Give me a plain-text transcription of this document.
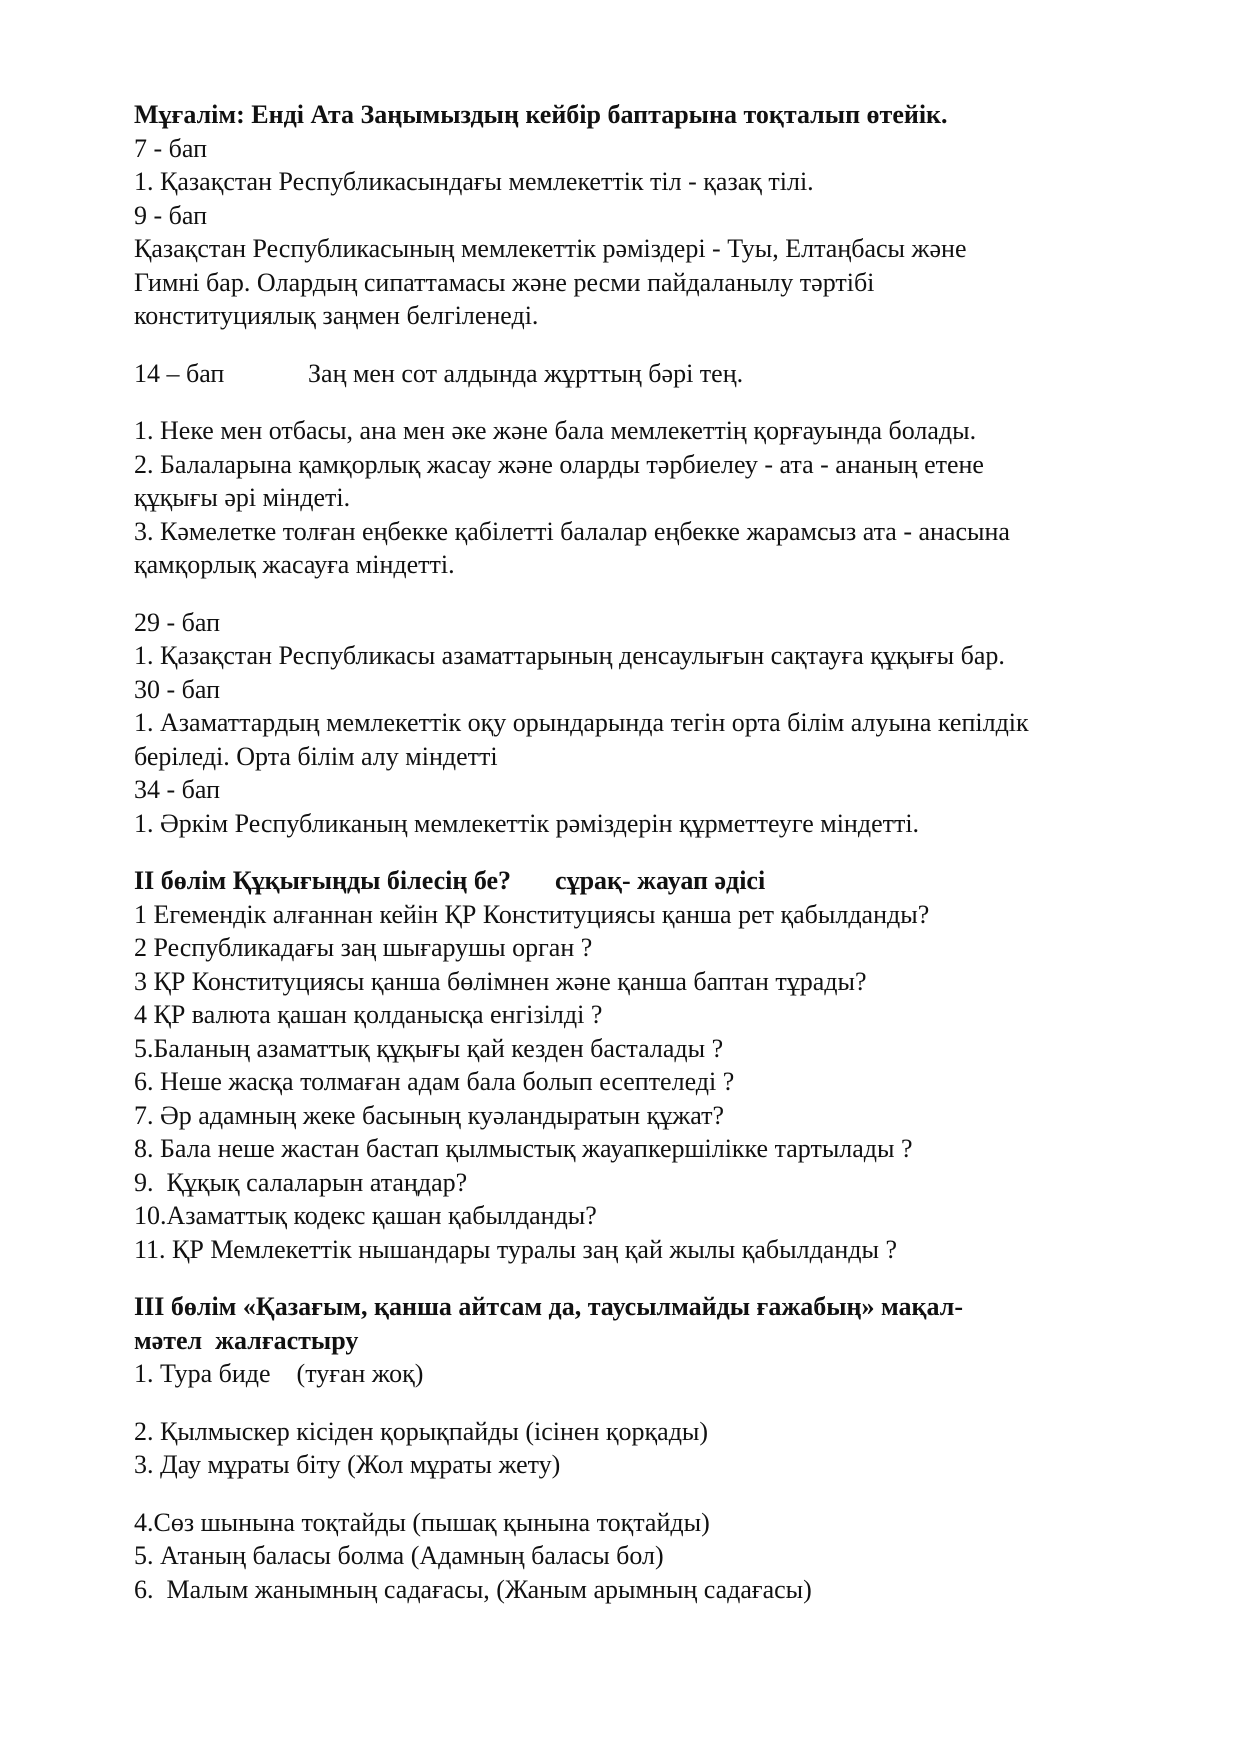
Мұғалім: Енді Ата Заңымыздың кейбір баптарына тоқталып өтейік.
7 - бап
1. Қазақстан Республикасындағы мемлекеттік тіл - қазақ тілі.
9 - бап
Қазақстан Республикасының мемлекеттік рәміздері - Туы, Елтаңбасы және
Гимні бар. Олардың сипаттамасы және ресми пайдаланылу тәртібі
конституциялық заңмен белгіленеді.
14 – бап	Заң мен сот алдында жұрттың бәрі тең.
1. Неке мен отбасы, ана мен әке және бала мемлекеттің қорғауында болады.
2. Балаларына қамқорлық жасау және оларды тәрбиелеу - ата - ананың етене
құқығы әрі міндеті.
3. Кәмелетке толған еңбекке қабілетті балалар еңбекке жарамсыз ата - анасына
қамқорлық жасауға міндетті.
29 - бап
1. Қазақстан Республикасы азаматтарының денсаулығын сақтауға құқығы бар.
30 - бап
1. Азаматтардың мемлекеттік оқу орындарында тегін орта білім алуына кепілдік
беріледі. Орта білім алу міндетті
34 - бап
1. Әркім Республиканың мемлекеттік рәміздерін құрметтеуге міндетті.
ІІ бөлім Құқығыңды білесің бе? сұрақ- жауап әдісі
1 Егемендік алғаннан кейін ҚР Конституциясы қанша рет қабылданды?
2 Республикадағы заң шығарушы орган ?
3 ҚР Конституциясы қанша бөлімнен және қанша баптан тұрады?
4 ҚР валюта қашан қолданысқа енгізілді ?
5.Баланың азаматтық құқығы қай кезден басталады ?
6. Неше жасқа толмаған адам бала болып есептеледі ?
7. Әр адамның жеке басының куәландыратын құжат?
8. Бала неше жастан бастап қылмыстық жауапкершілікке тартылады ?
9.  Құқық салаларын атаңдар?
10.Азаматтық кодекс қашан қабылданды?
11. ҚР Мемлекеттік нышандары туралы заң қай жылы қабылданды ?
ІІІ бөлім «Қазағым, қанша айтсам да, таусылмайды ғажабың» мақал-
мәтел  жалғастыру
1. Тура биде    (туған жоқ)
2. Қылмыскер кісіден қорықпайды (ісінен қорқады)
3. Дау мұраты біту (Жол мұраты жету)
4.Сөз шынына тоқтайды (пышақ қынына тоқтайды)
5. Атаның баласы болма (Адамның баласы бол)
6.  Малым жанымның садағасы, (Жаным арымның садағасы)
